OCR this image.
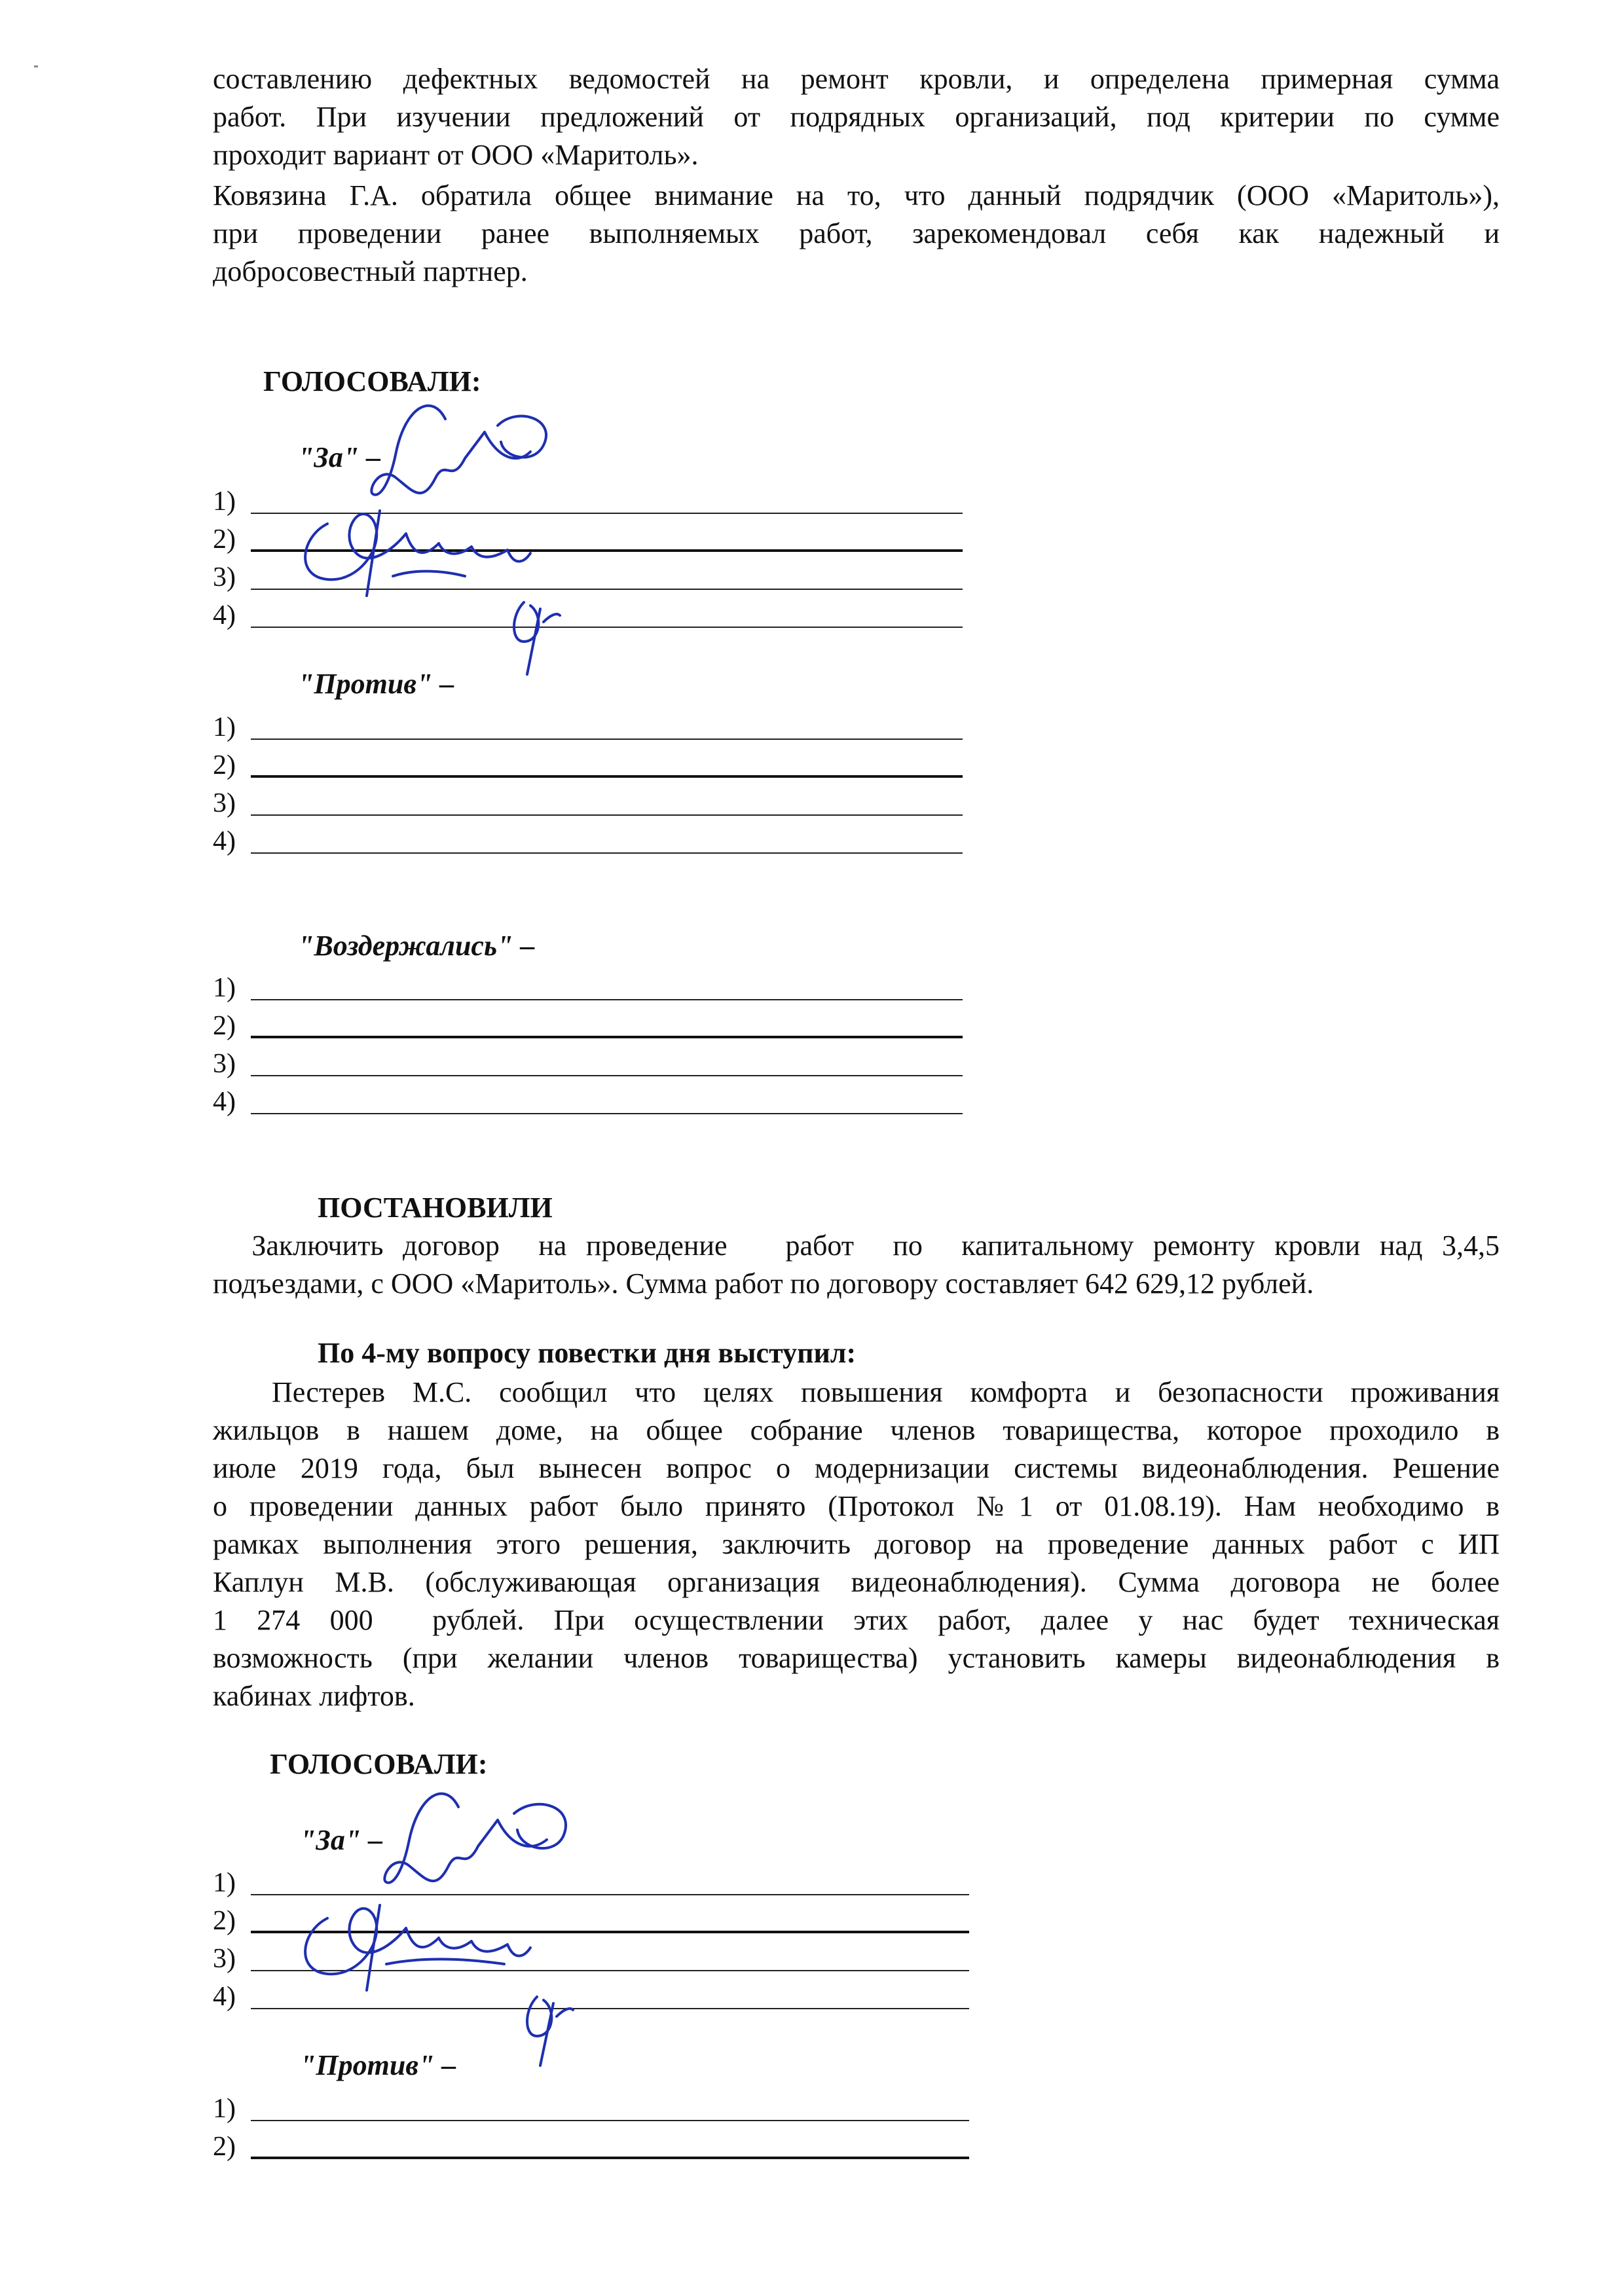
составлению дефектных ведомостей на ремонт кровли, и определена примерная сумма
работ. При изучении предложений от подрядных организаций, под критерии по сумме
проходит вариант от ООО «Маритоль».
Ковязина Г.А. обратила общее внимание на то, что данный подрядчик (ООО «Маритоль»),
при проведении ранее выполняемых работ, зарекомендовал себя как надежный и
добросовестный партнер.
ГОЛОСОВАЛИ:
"За" –
1)
2)
3)
4)
"Против" –
1)
2)
3)
4)
"Воздержались" –
1)
2)
3)
4)
ПОСТАНОВИЛИ
Заключить договор  на проведение   работ  по  капитальному ремонту кровли над 3,4,5
подъездами, с ООО «Маритоль». Сумма работ по договору составляет 642 629,12 рублей.
По 4-му вопросу повестки дня выступил:
Пестерев М.С. сообщил что целях повышения комфорта и безопасности проживания
жильцов в нашем доме, на общее собрание членов товарищества, которое проходило в
июле 2019 года, был вынесен вопрос о модернизации системы видеонаблюдения. Решение
о проведении данных работ было принято (Протокол №1 от 01.08.19). Нам необходимо в
рамках выполнения этого решения, заключить договор на проведение данных работ с ИП
Каплун М.В. (обслуживающая организация видеонаблюдения). Сумма договора не более
1 274 000  рублей. При осуществлении этих работ, далее у нас будет техническая
возможность (при желании членов товарищества) установить камеры видеонаблюдения в
кабинах лифтов.
ГОЛОСОВАЛИ:
"За" –
1)
2)
3)
4)
"Против" –
1)
2)
